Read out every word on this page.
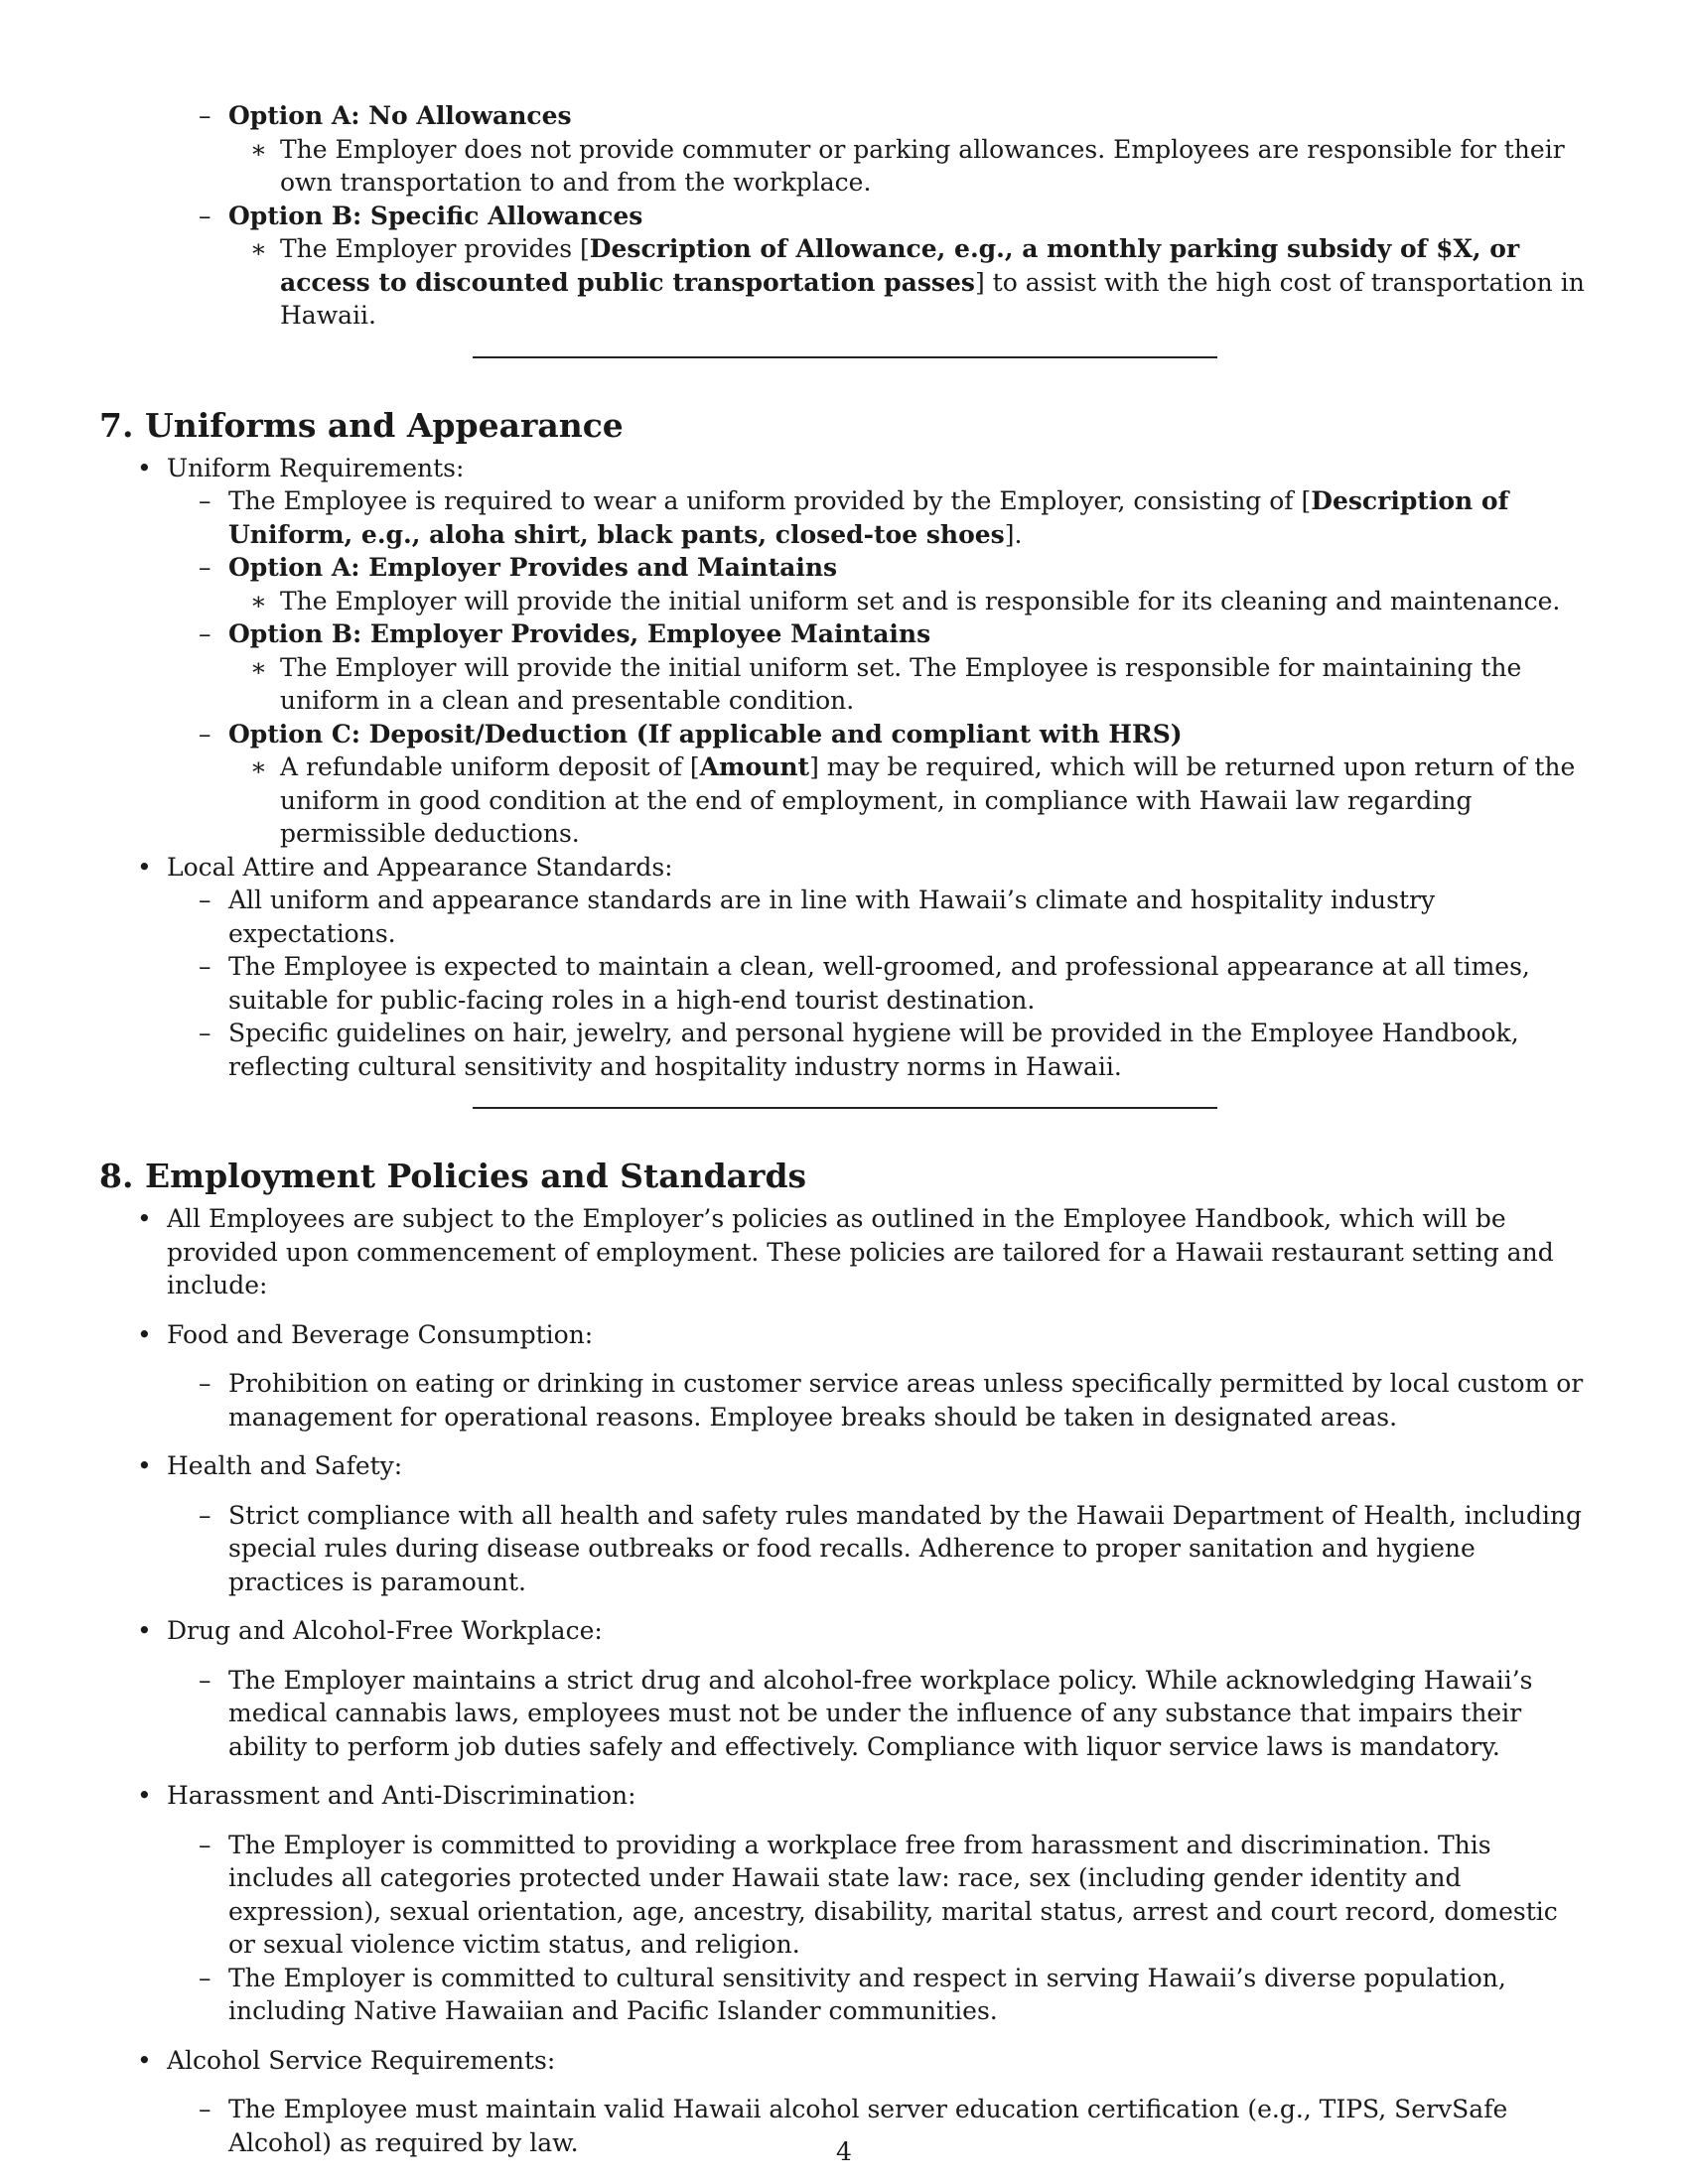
– Option A: No Allowances
∗ The Employer does not provide commuter or parking allowances. Employees are responsible for their own transportation to and from the workplace.
– Option B: Specific Allowances
∗ The Employer provides [Description of Allowance, e.g., a monthly parking subsidy of $X, or access to discounted public transportation passes] to assist with the high cost of transportation in Hawaii.
7. Uniforms and Appearance
• Uniform Requirements:
– The Employee is required to wear a uniform provided by the Employer, consisting of [Description of Uniform, e.g., aloha shirt, black pants, closed-toe shoes].
– Option A: Employer Provides and Maintains
∗ The Employer will provide the initial uniform set and is responsible for its cleaning and maintenance.
– Option B: Employer Provides, Employee Maintains
∗ The Employer will provide the initial uniform set. The Employee is responsible for maintaining the uniform in a clean and presentable condition.
– Option C: Deposit/Deduction (If applicable and compliant with HRS)
∗ A refundable uniform deposit of [Amount] may be required, which will be returned upon return of the uniform in good condition at the end of employment, in compliance with Hawaii law regarding permissible deductions.
• Local Attire and Appearance Standards:
– All uniform and appearance standards are in line with Hawaii’s climate and hospitality industry expectations.
– The Employee is expected to maintain a clean, well-groomed, and professional appearance at all times, suitable for public-facing roles in a high-end tourist destination.
– Specific guidelines on hair, jewelry, and personal hygiene will be provided in the Employee Handbook, reflecting cultural sensitivity and hospitality industry norms in Hawaii.
8. Employment Policies and Standards
• All Employees are subject to the Employer’s policies as outlined in the Employee Handbook, which will be provided upon commencement of employment. These policies are tailored for a Hawaii restaurant setting and include:
• Food and Beverage Consumption:
– Prohibition on eating or drinking in customer service areas unless specifically permitted by local custom or management for operational reasons. Employee breaks should be taken in designated areas.
• Health and Safety:
– Strict compliance with all health and safety rules mandated by the Hawaii Department of Health, including special rules during disease outbreaks or food recalls. Adherence to proper sanitation and hygiene practices is paramount.
• Drug and Alcohol-Free Workplace:
– The Employer maintains a strict drug and alcohol-free workplace policy. While acknowledging Hawaii’s medical cannabis laws, employees must not be under the influence of any substance that impairs their ability to perform job duties safely and effectively. Compliance with liquor service laws is mandatory.
• Harassment and Anti-Discrimination:
– The Employer is committed to providing a workplace free from harassment and discrimination. This includes all categories protected under Hawaii state law: race, sex (including gender identity and expression), sexual orientation, age, ancestry, disability, marital status, arrest and court record, domestic or sexual violence victim status, and religion.
– The Employer is committed to cultural sensitivity and respect in serving Hawaii’s diverse population, including Native Hawaiian and Pacific Islander communities.
• Alcohol Service Requirements:
– The Employee must maintain valid Hawaii alcohol server education certification (e.g., TIPS, ServSafe Alcohol) as required by law.	4
